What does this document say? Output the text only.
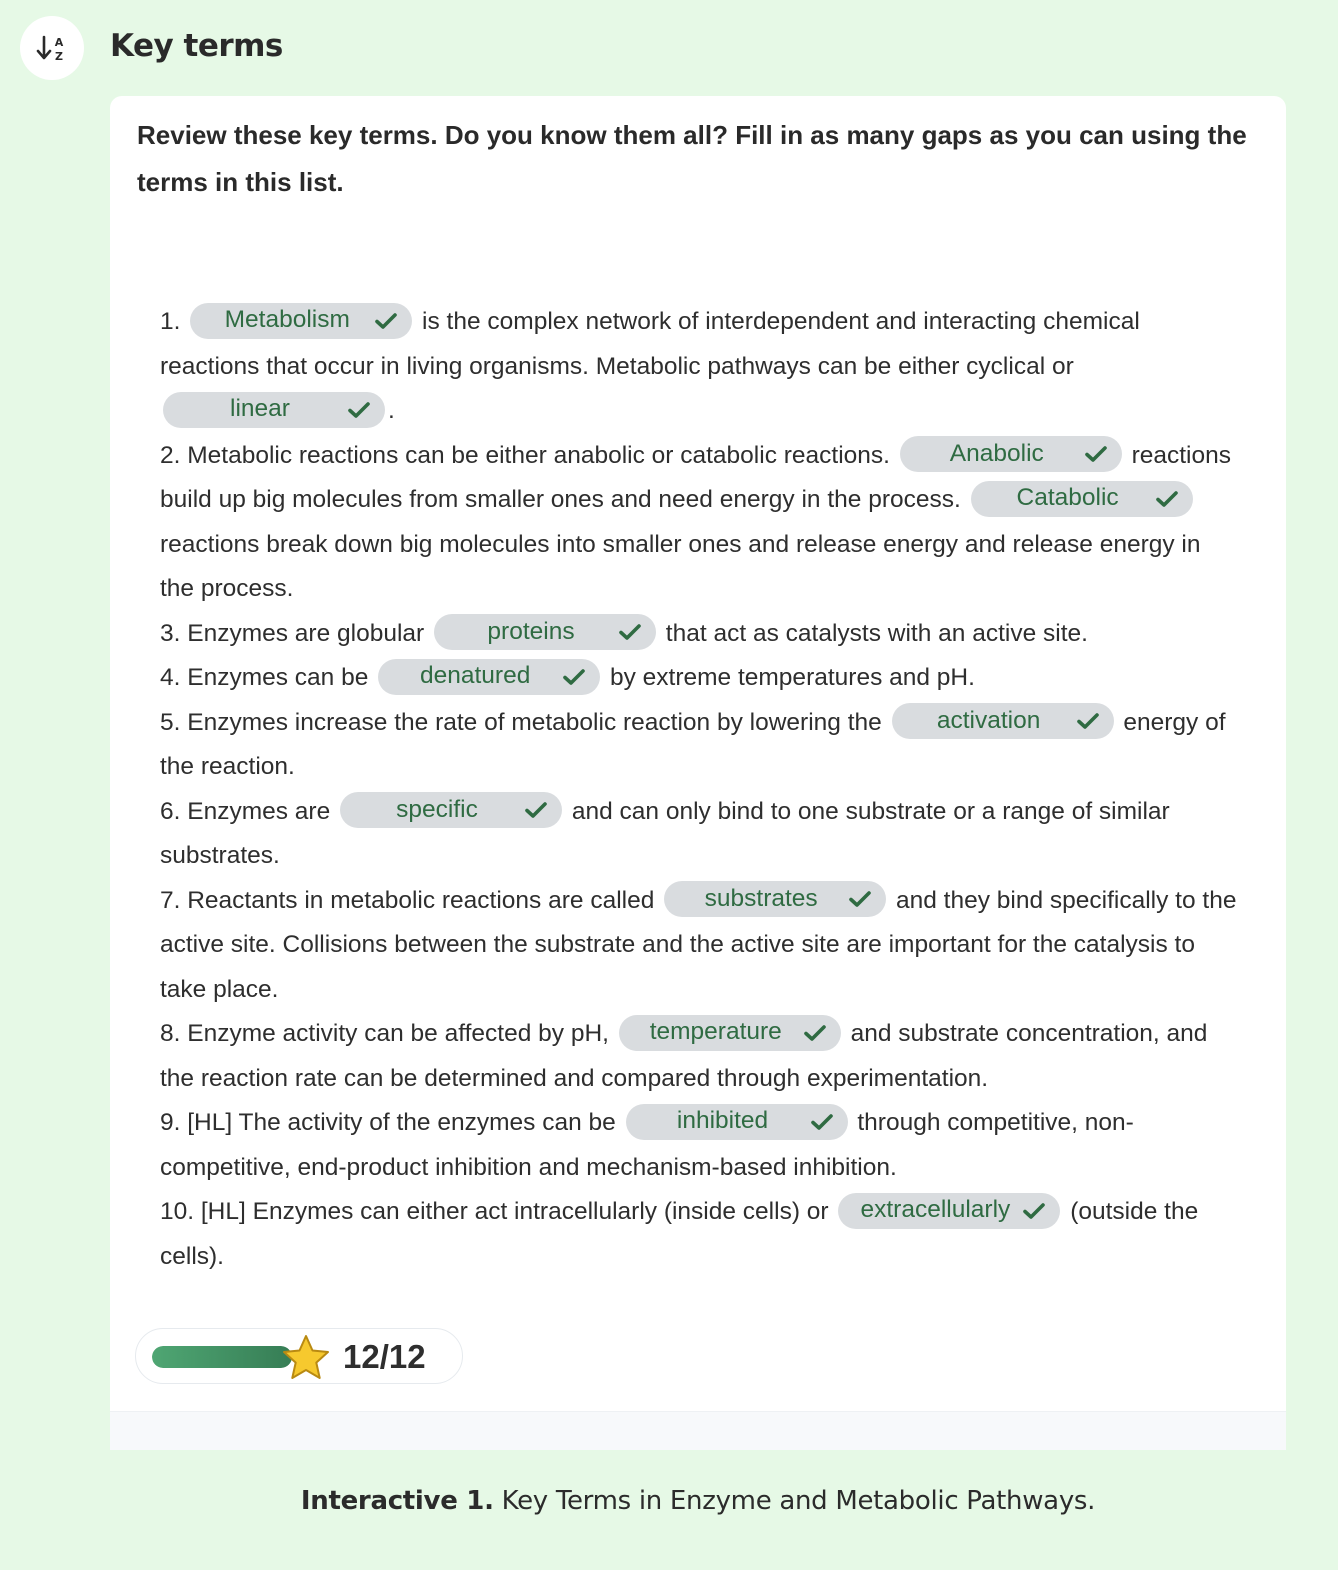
A
Z Key terms
Review these key terms. Do you know them all? Fill in as many gaps as you can using the terms in this list.
1.	Metabolism	is the complex network of interdependent and interacting chemical reactions that occur in living organisms. Metabolic pathways can be either cyclical or
linear	.
2. Metabolic reactions can be either anabolic or catabolic reactions.	Anabolic	reactions build up big molecules from smaller ones and need energy in the process.	Catabolic
reactions break down big molecules into smaller ones and release energy and release energy in the process.
3. Enzymes are globular	proteins	that act as catalysts with an active site.
4. Enzymes can be	denatured	by extreme temperatures and pH.
5. Enzymes increase the rate of metabolic reaction by lowering the	activation	energy of the reaction.
6. Enzymes are	specific	and can only bind to one substrate or a range of similar substrates.
7. Reactants in metabolic reactions are called	substrates	and they bind specifically to the active site. Collisions between the substrate and the active site are important for the catalysis to take place.
8. Enzyme activity can be affected by pH,	temperature	and substrate concentration, and the reaction rate can be determined and compared through experimentation.
9. [HL] The activity of the enzymes can be	inhibited	through competitive, non-competitive, end-product inhibition and mechanism-based inhibition.
10. [HL] Enzymes can either act intracellularly (inside cells) or	extracellularly	(outside the cells).
12/12
Interactive 1. Key Terms in Enzyme and Metabolic Pathways.
